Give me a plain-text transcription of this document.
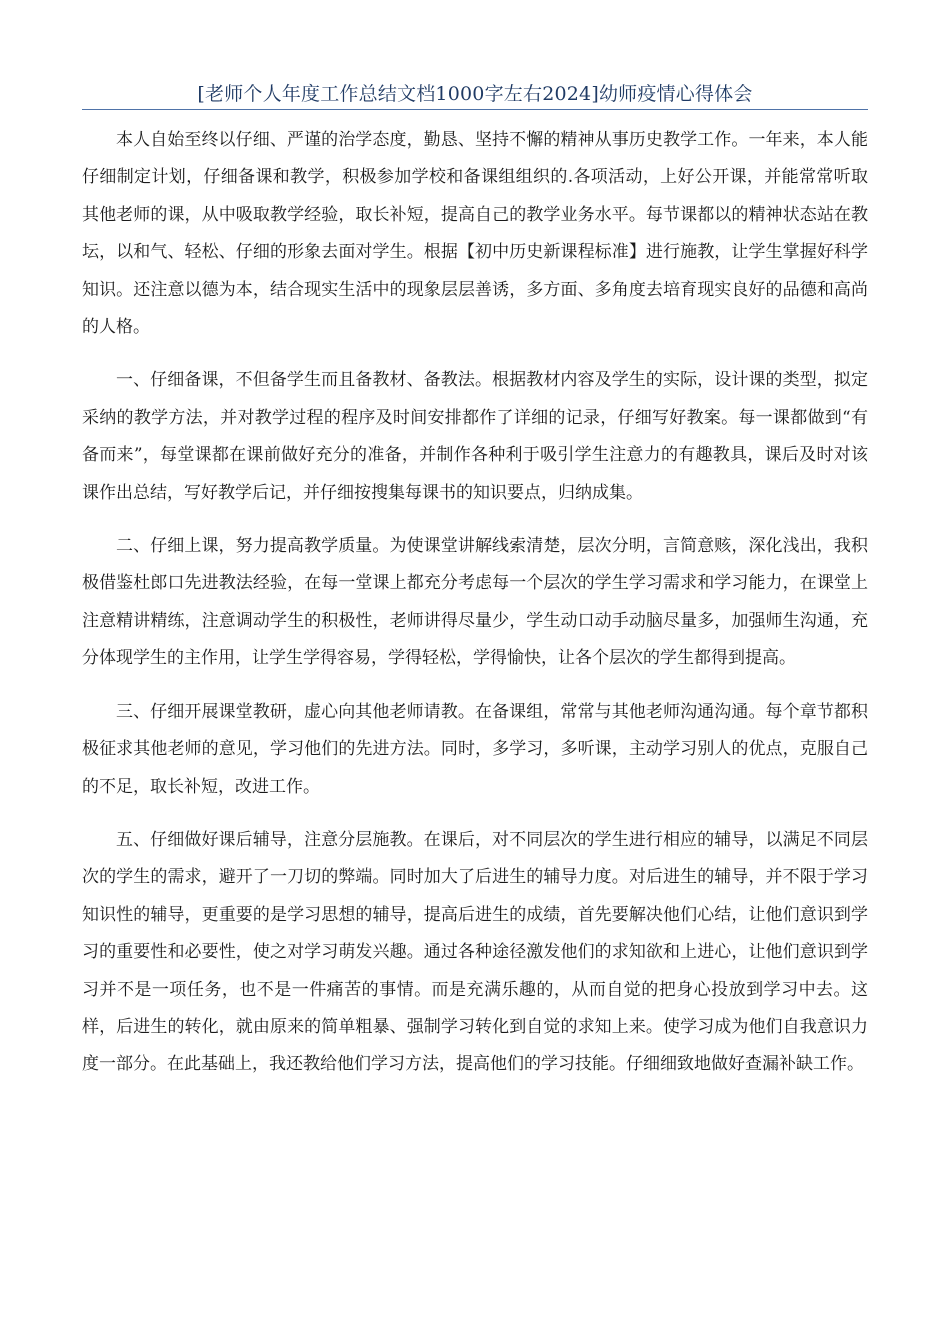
[老师个人年度工作总结文档1000字左右2024]幼师疫情心得体会

本人自始至终以仔细、严谨的治学态度，勤恳、坚持不懈的精神从事历史教学工作。一年来，本人能仔细制定计划，仔细备课和教学，积极参加学校和备课组组织的.各项活动，上好公开课，并能常常听取其他老师的课，从中吸取教学经验，取长补短，提高自己的教学业务水平。每节课都以的精神状态站在教坛，以和气、轻松、仔细的形象去面对学生。根据【初中历史新课程标准】进行施教，让学生掌握好科学知识。还注意以德为本，结合现实生活中的现象层层善诱，多方面、多角度去培育现实良好的品德和高尚的人格。

一、仔细备课，不但备学生而且备教材、备教法。根据教材内容及学生的实际，设计课的类型，拟定采纳的教学方法，并对教学过程的程序及时间安排都作了详细的记录，仔细写好教案。每一课都做到“有备而来”，每堂课都在课前做好充分的准备，并制作各种利于吸引学生注意力的有趣教具，课后及时对该课作出总结，写好教学后记，并仔细按搜集每课书的知识要点，归纳成集。

二、仔细上课，努力提高教学质量。为使课堂讲解线索清楚，层次分明，言简意赅，深化浅出，我积极借鉴杜郎口先进教法经验，在每一堂课上都充分考虑每一个层次的学生学习需求和学习能力，在课堂上注意精讲精练，注意调动学生的积极性，老师讲得尽量少，学生动口动手动脑尽量多，加强师生沟通，充分体现学生的主作用，让学生学得容易，学得轻松，学得愉快，让各个层次的学生都得到提高。

三、仔细开展课堂教研，虚心向其他老师请教。在备课组，常常与其他老师沟通沟通。每个章节都积极征求其他老师的意见，学习他们的先进方法。同时，多学习，多听课，主动学习别人的优点，克服自己的不足，取长补短，改进工作。

五、仔细做好课后辅导，注意分层施教。在课后，对不同层次的学生进行相应的辅导，以满足不同层次的学生的需求，避开了一刀切的弊端。同时加大了后进生的辅导力度。对后进生的辅导，并不限于学习知识性的辅导，更重要的是学习思想的辅导，提高后进生的成绩，首先要解决他们心结，让他们意识到学习的重要性和必要性，使之对学习萌发兴趣。通过各种途径激发他们的求知欲和上进心，让他们意识到学习并不是一项任务，也不是一件痛苦的事情。而是充满乐趣的，从而自觉的把身心投放到学习中去。这样，后进生的转化，就由原来的简单粗暴、强制学习转化到自觉的求知上来。使学习成为他们自我意识力度一部分。在此基础上，我还教给他们学习方法，提高他们的学习技能。仔细细致地做好查漏补缺工作。
